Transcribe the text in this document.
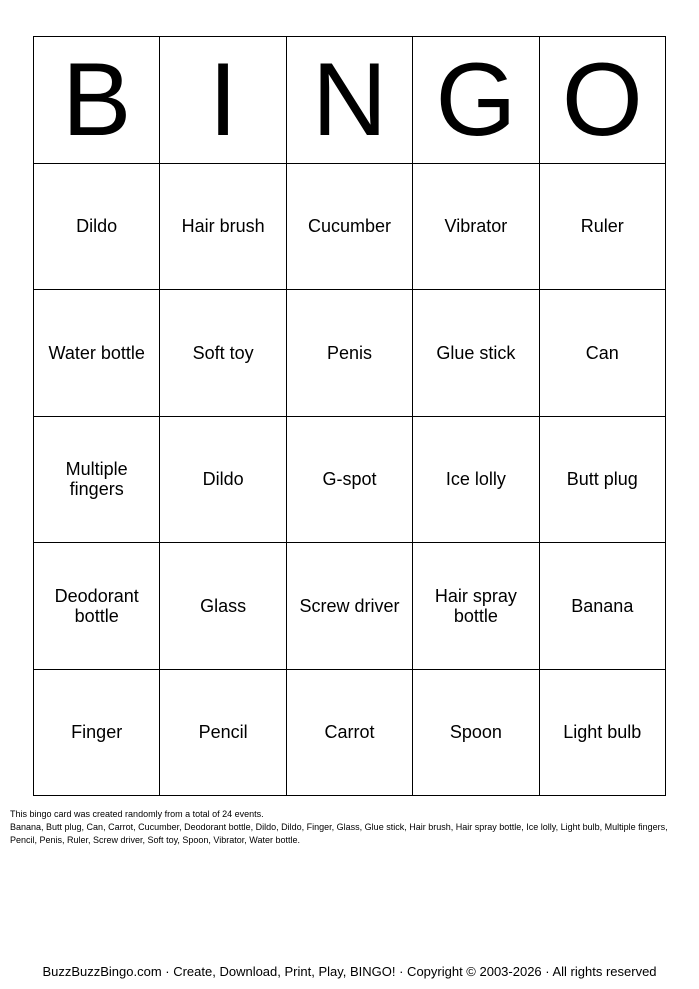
B I N G O
Dildo	Hair brush	Cucumber	Vibrator	Ruler
Water bottle	Soft toy	Penis	Glue stick	Can
Multiple fingers	Dildo	G-spot	Ice lolly	Butt plug
Deodorant bottle	Glass	Screw driver	Hair spray bottle	Banana
Finger	Pencil	Carrot	Spoon	Light bulb
This bingo card was created randomly from a total of 24 events.
Banana, Butt plug, Can, Carrot, Cucumber, Deodorant bottle, Dildo, Dildo, Finger, Glass, Glue stick, Hair brush, Hair spray bottle, Ice lolly, Light bulb, Multiple fingers, Pencil, Penis, Ruler, Screw driver, Soft toy, Spoon, Vibrator, Water bottle.
BuzzBuzzBingo.com · Create, Download, Print, Play, BINGO! · Copyright © 2003-2026 · All rights reserved
